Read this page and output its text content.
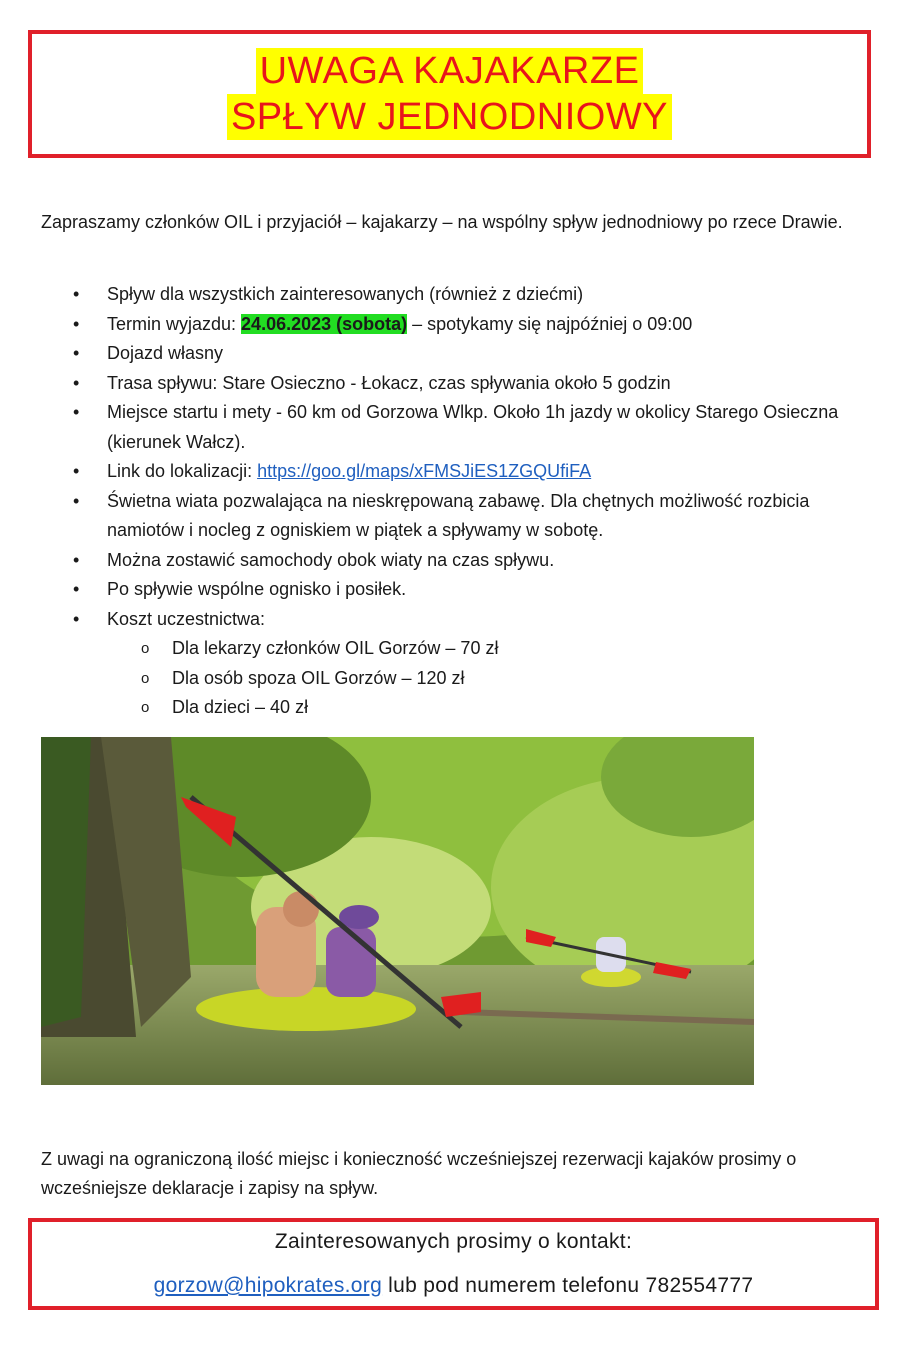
UWAGA KAJAKARZE

SPŁYW JEDNODNIOWY

Zapraszamy członków OIL i przyjaciół – kajakarzy – na wspólny spływ jednodniowy po rzece Drawie.

• Spływ dla wszystkich zainteresowanych (również z dziećmi)
• Termin wyjazdu: 24.06.2023 (sobota) – spotykamy się najpóźniej o 09:00
• Dojazd własny
• Trasa spływu: Stare Osieczno - Łokacz, czas spływania około 5 godzin
• Miejsce startu i mety - 60 km od Gorzowa Wlkp. Około 1h jazdy w okolicy Starego Osieczna (kierunek Wałcz).
• Link do lokalizacji: https://goo.gl/maps/xFMSJiES1ZGQUfiFA
• Świetna wiata pozwalająca na nieskrępowaną zabawę. Dla chętnych możliwość rozbicia namiotów i nocleg z ogniskiem w piątek a spływamy w sobotę.
• Można zostawić samochody obok wiaty na czas spływu.
• Po spływie wspólne ognisko i posiłek.
• Koszt uczestnictwa:
o Dla lekarzy członków OIL Gorzów – 70 zł
o Dla osób spoza OIL Gorzów – 120 zł
o Dla dzieci – 40 zł

Z uwagi na ograniczoną ilość miejsc i konieczność wcześniejszej rezerwacji kajaków prosimy o wcześniejsze deklaracje i zapisy na spływ.

Zainteresowanych prosimy o kontakt:

gorzow@hipokrates.org lub pod numerem telefonu 782554777
